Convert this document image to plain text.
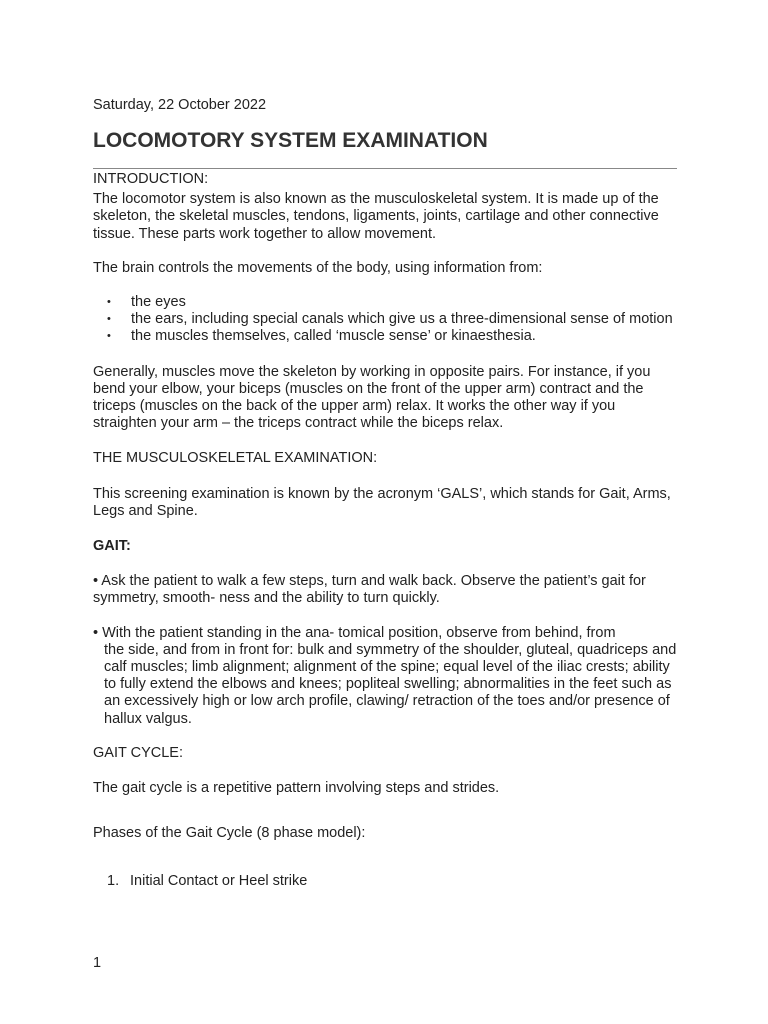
Saturday, 22 October 2022

LOCOMOTORY SYSTEM EXAMINATION

INTRODUCTION:

The locomotor system is also known as the musculoskeletal system. It is made up of the skeleton, the skeletal muscles, tendons, ligaments, joints, cartilage and other connective tissue. These parts work together to allow movement.

The brain controls the movements of the body, using information from:

• the eyes
• the ears, including special canals which give us a three-dimensional sense of motion
• the muscles themselves, called ‘muscle sense’ or kinaesthesia.

Generally, muscles move the skeleton by working in opposite pairs. For instance, if you bend your elbow, your biceps (muscles on the front of the upper arm) contract and the triceps (muscles on the back of the upper arm) relax. It works the other way if you straighten your arm – the triceps contract while the biceps relax.

THE MUSCULOSKELETAL EXAMINATION:

This screening examination is known by the acronym ‘GALS’, which stands for Gait, Arms, Legs and Spine.

GAIT:

• Ask the patient to walk a few steps, turn and walk back. Observe the patient’s gait for symmetry, smooth- ness and the ability to turn quickly.

• With the patient standing in the ana- tomical position, observe from behind, from
the side, and from in front for: bulk and symmetry of the shoulder, gluteal, quadriceps and calf muscles; limb alignment; alignment of the spine; equal level of the iliac crests; ability to fully extend the elbows and knees; popliteal swelling; abnormalities in the feet such as an excessively high or low arch profile, clawing/ retraction of the toes and/or presence of hallux valgus.

GAIT CYCLE:

The gait cycle is a repetitive pattern involving steps and strides.

Phases of the Gait Cycle (8 phase model):

1. Initial Contact or Heel strike
1
